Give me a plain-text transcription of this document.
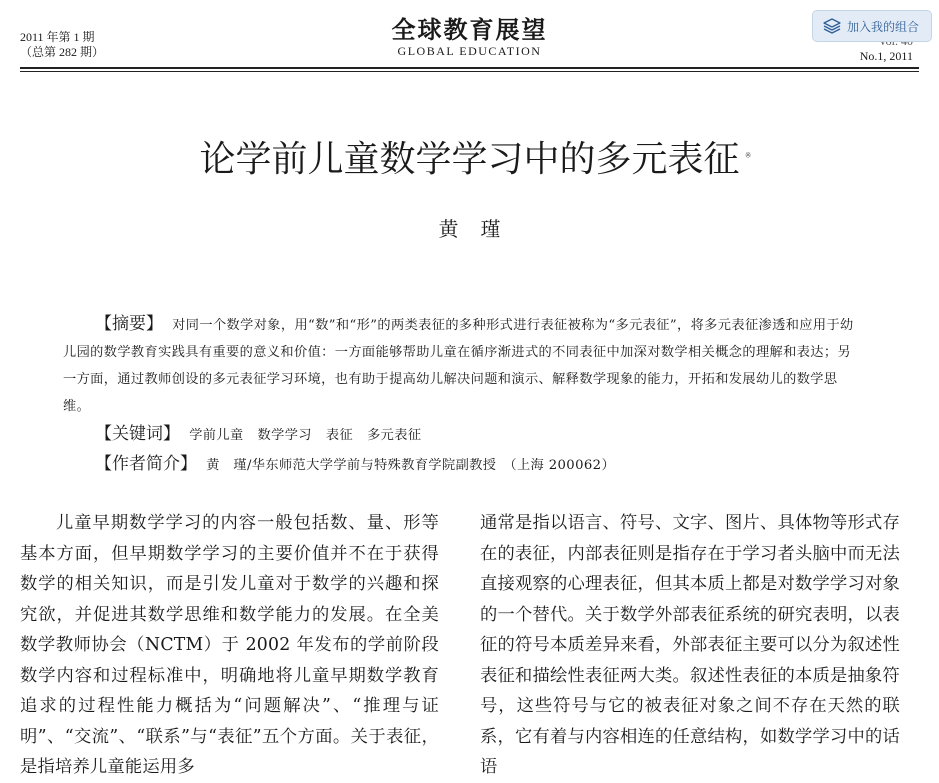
2011 年第 1 期
（总第 282 期）
全球教育展望
GLOBAL EDUCATION	No.1, 2011
加入我的组合
论学前儿童数学学习中的多元表征 ※
黄瑾

【摘要】 对同一个数学对象，用“数”和“形”的两类表征的多种形式进行表征被称为“多元表征”，将多元表征渗透和应用于幼儿园的数学教育实践具有重要的意义和价值：一方面能够帮助儿童在循序渐进式的不同表征中加深对数学相关概念的理解和表达；另一方面，通过教师创设的多元表征学习环境，也有助于提高幼儿解决问题和演示、解释数学现象的能力，开拓和发展幼儿的数学思维。

【关键词】 学前儿童 数学学习 表征 多元表征

【作者简介】 黄　瑾/华东师范大学学前与特殊教育学院副教授　（上海 200062）

儿童早期数学学习的内容一般包括数、量、形等基本方面，但早期数学学习的主要价值并不在于获得数学的相关知识，而是引发儿童对于数学的兴趣和探究欲，并促进其数学思维和数学能力的发展。在全美数学教师协会（NCTM）于 2002 年发布的学前阶段数学内容和过程标准中，明确地将儿童早期数学教育追求的过程性能力概括为“问题解决”、“推理与证明”、“交流”、“联系”与“表征”五个方面。关于表征，是指培养儿童能运用多

通常是指以语言、符号、文字、图片、具体物等形式存在的表征，内部表征则是指存在于学习者头脑中而无法直接观察的心理表征，但其本质上都是对数学学习对象的一个替代。关于数学外部表征系统的研究表明，以表征的符号本质差异来看，外部表征主要可以分为叙述性表征和描绘性表征两大类。叙述性表征的本质是抽象符号，这些符号与它的被表征对象之间不存在天然的联系，它有着与内容相连的任意结构，如数学学习中的话语
